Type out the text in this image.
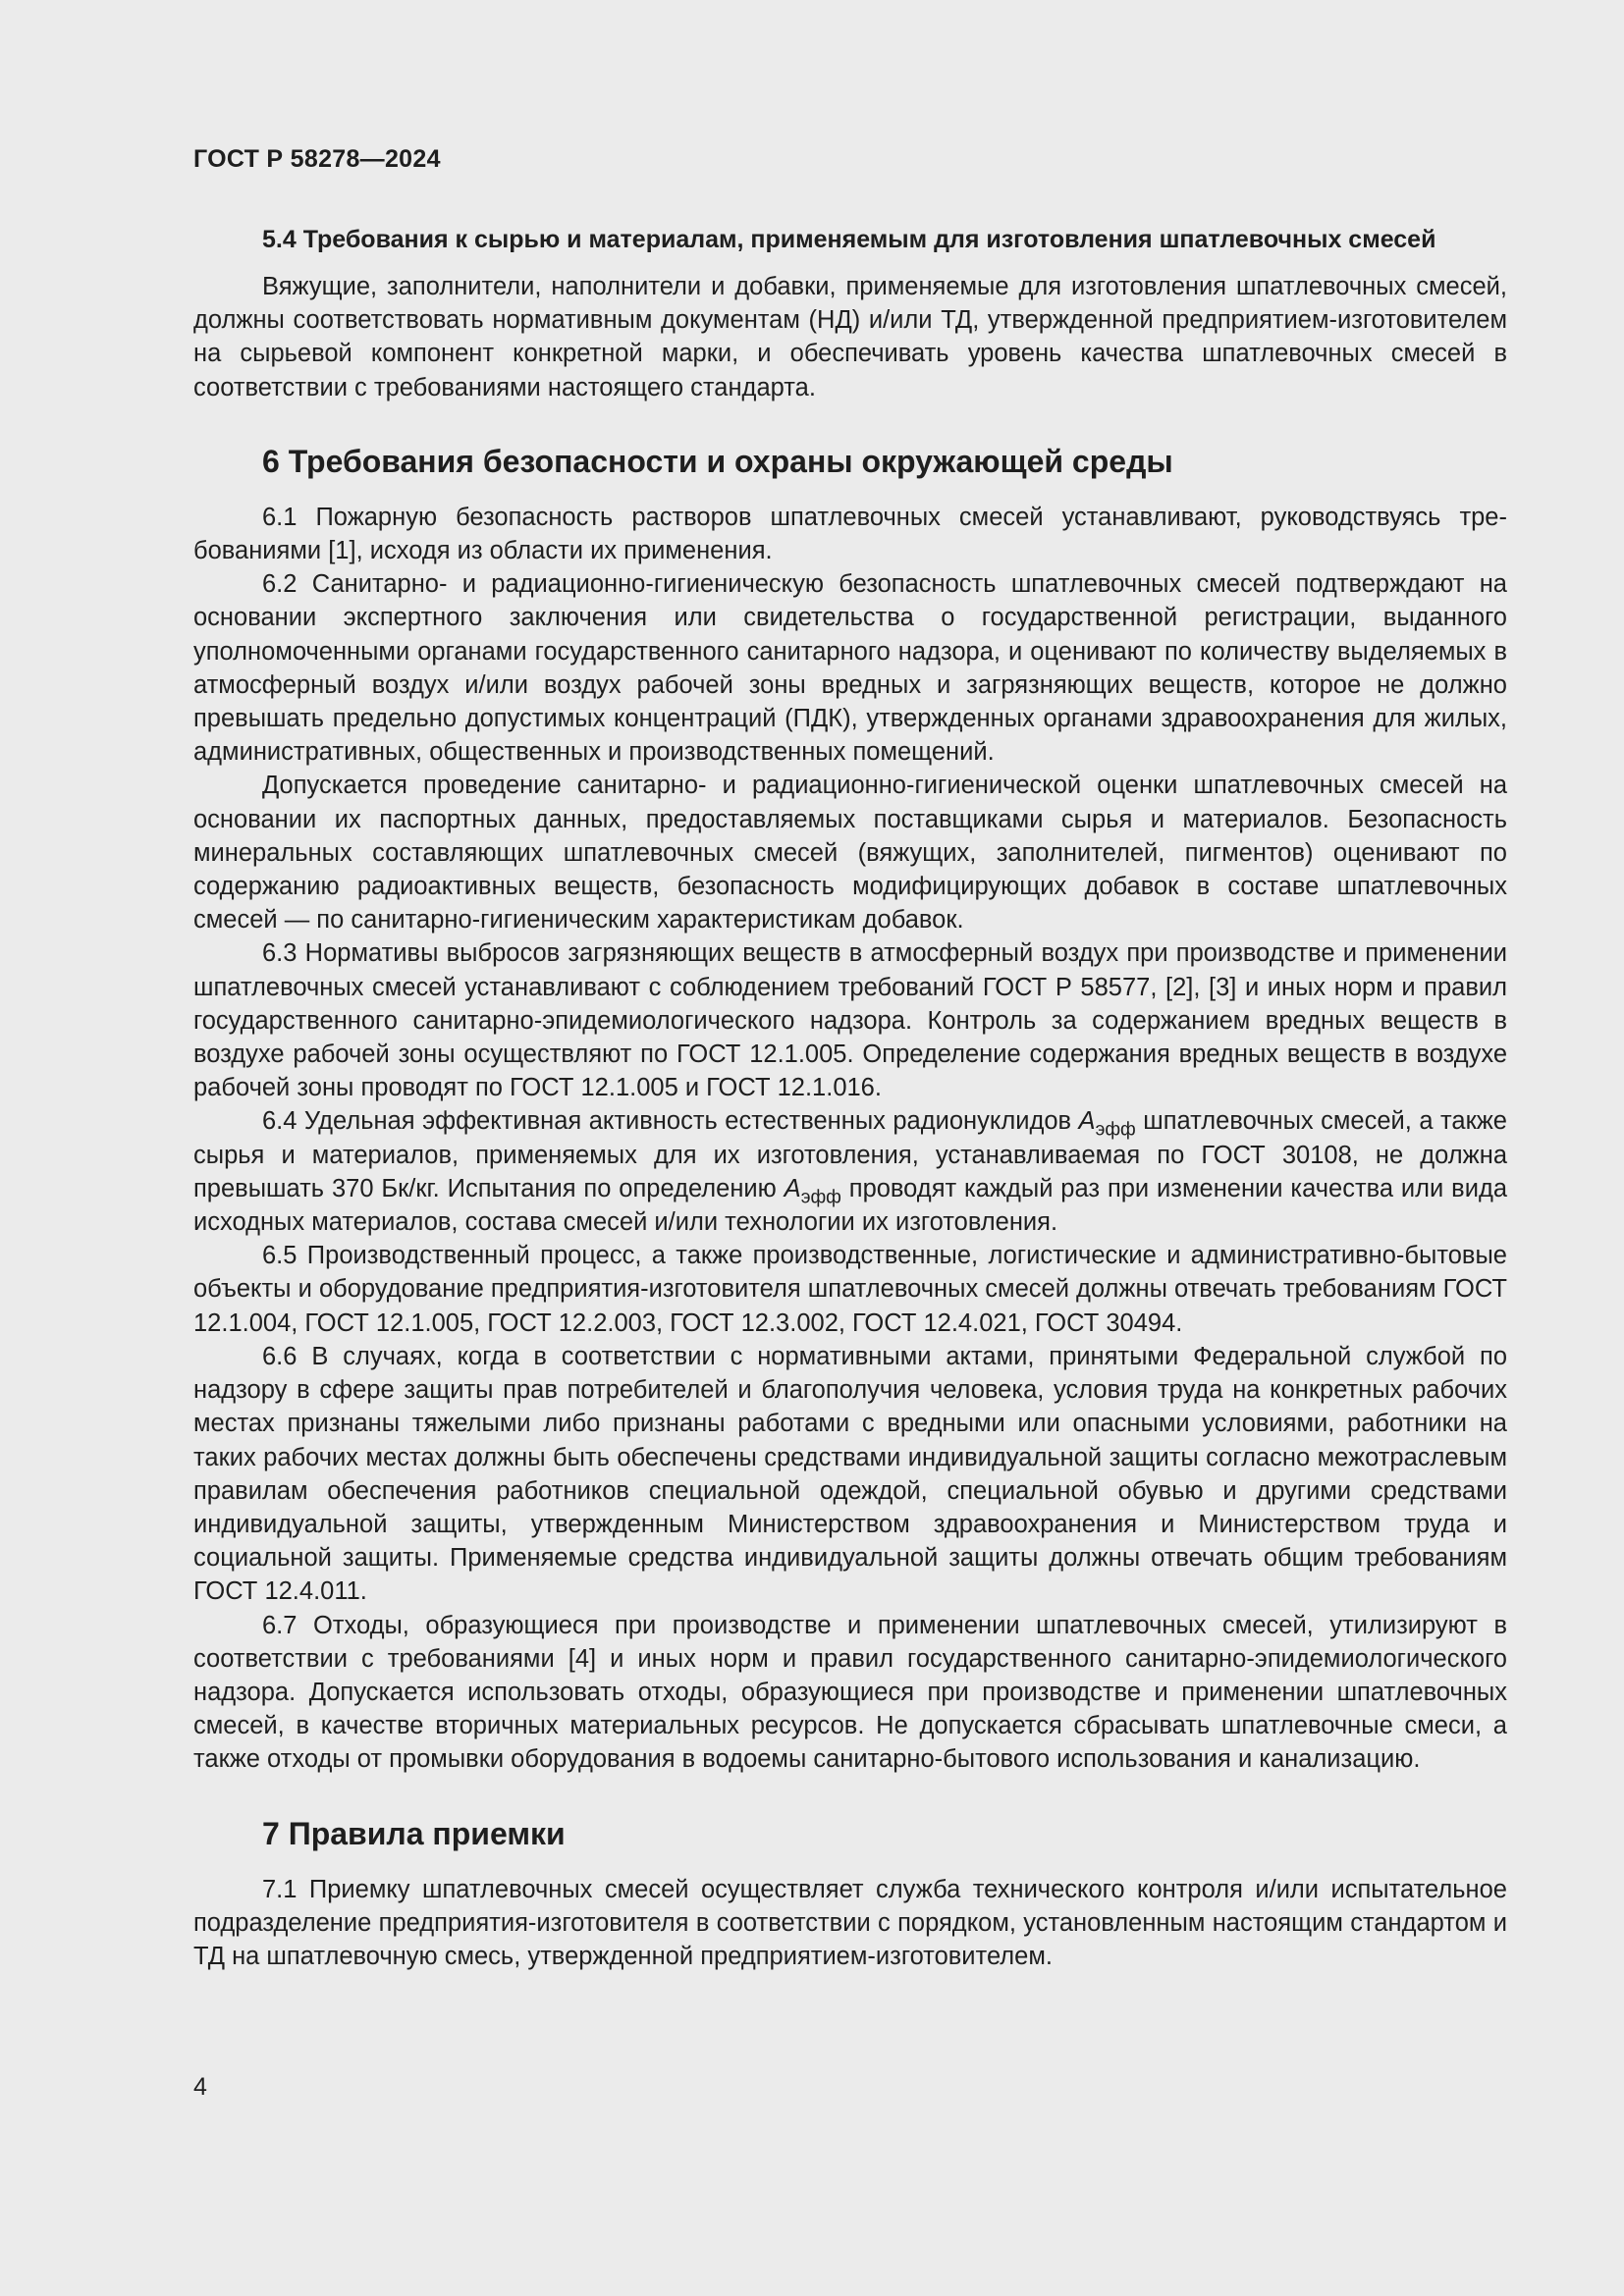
ГОСТ Р 58278—2024
5.4 Требования к сырью и материалам, применяемым для изготовления шпатлевочных смесей

Вяжущие, заполнители, наполнители и добавки, применяемые для изготовления шпатлевочных смесей, должны соответствовать нормативным документам (НД) и/или ТД, утвержденной предприятием-изготовителем на сырьевой компонент конкретной марки, и обеспечивать уровень качества шпатлевочных смесей в соответствии с требованиями настоящего стандарта.

6 Требования безопасности и охраны окружающей среды

6.1 Пожарную безопасность растворов шпатлевочных смесей устанавливают, руководствуясь требованиями [1], исходя из области их применения.

6.2 Санитарно- и радиационно-гигиеническую безопасность шпатлевочных смесей подтверждают на основании экспертного заключения или свидетельства о государственной регистрации, выданного уполномоченными органами государственного санитарного надзора, и оценивают по количеству выделяемых в атмосферный воздух и/или воздух рабочей зоны вредных и загрязняющих веществ, которое не должно превышать предельно допустимых концентраций (ПДК), утвержденных органами здравоохранения для жилых, административных, общественных и производственных помещений.

Допускается проведение санитарно- и радиационно-гигиенической оценки шпатлевочных смесей на основании их паспортных данных, предоставляемых поставщиками сырья и материалов. Безопасность минеральных составляющих шпатлевочных смесей (вяжущих, заполнителей, пигментов) оценивают по содержанию радиоактивных веществ, безопасность модифицирующих добавок в составе шпатлевочных смесей — по санитарно-гигиеническим характеристикам добавок.

6.3 Нормативы выбросов загрязняющих веществ в атмосферный воздух при производстве и применении шпатлевочных смесей устанавливают с соблюдением требований ГОСТ Р 58577, [2], [3] и иных норм и правил государственного санитарно-эпидемиологического надзора. Контроль за содержанием вредных веществ в воздухе рабочей зоны осуществляют по ГОСТ 12.1.005. Определение содержания вредных веществ в воздухе рабочей зоны проводят по ГОСТ 12.1.005 и ГОСТ 12.1.016.

6.4 Удельная эффективная активность естественных радионуклидов $A_{эфф}$ шпатлевочных смесей, а также сырья и материалов, применяемых для их изготовления, устанавливаемая по ГОСТ 30108, не должна превышать 370 Бк/кг. Испытания по определению $A_{эфф}$ проводят каждый раз при изменении качества или вида исходных материалов, состава смесей и/или технологии их изготовления.

6.5 Производственный процесс, а также производственные, логистические и административно-бытовые объекты и оборудование предприятия-изготовителя шпатлевочных смесей должны отвечать требованиям ГОСТ 12.1.004, ГОСТ 12.1.005, ГОСТ 12.2.003, ГОСТ 12.3.002, ГОСТ 12.4.021, ГОСТ 30494.

6.6 В случаях, когда в соответствии с нормативными актами, принятыми Федеральной службой по надзору в сфере защиты прав потребителей и благополучия человека, условия труда на конкретных рабочих местах признаны тяжелыми либо признаны работами с вредными или опасными условиями, работники на таких рабочих местах должны быть обеспечены средствами индивидуальной защиты согласно межотраслевым правилам обеспечения работников специальной одеждой, специальной обувью и другими средствами индивидуальной защиты, утвержденным Министерством здравоохранения и Министерством труда и социальной защиты. Применяемые средства индивидуальной защиты должны отвечать общим требованиям ГОСТ 12.4.011.

6.7 Отходы, образующиеся при производстве и применении шпатлевочных смесей, утилизируют в соответствии с требованиями [4] и иных норм и правил государственного санитарно-эпидемиологического надзора. Допускается использовать отходы, образующиеся при производстве и применении шпатлевочных смесей, в качестве вторичных материальных ресурсов. Не допускается сбрасывать шпатлевочные смеси, а также отходы от промывки оборудования в водоемы санитарно-бытового использования и канализацию.

7 Правила приемки

7.1 Приемку шпатлевочных смесей осуществляет служба технического контроля и/или испытательное подразделение предприятия-изготовителя в соответствии с порядком, установленным настоящим стандартом и ТД на шпатлевочную смесь, утвержденной предприятием-изготовителем.

4
